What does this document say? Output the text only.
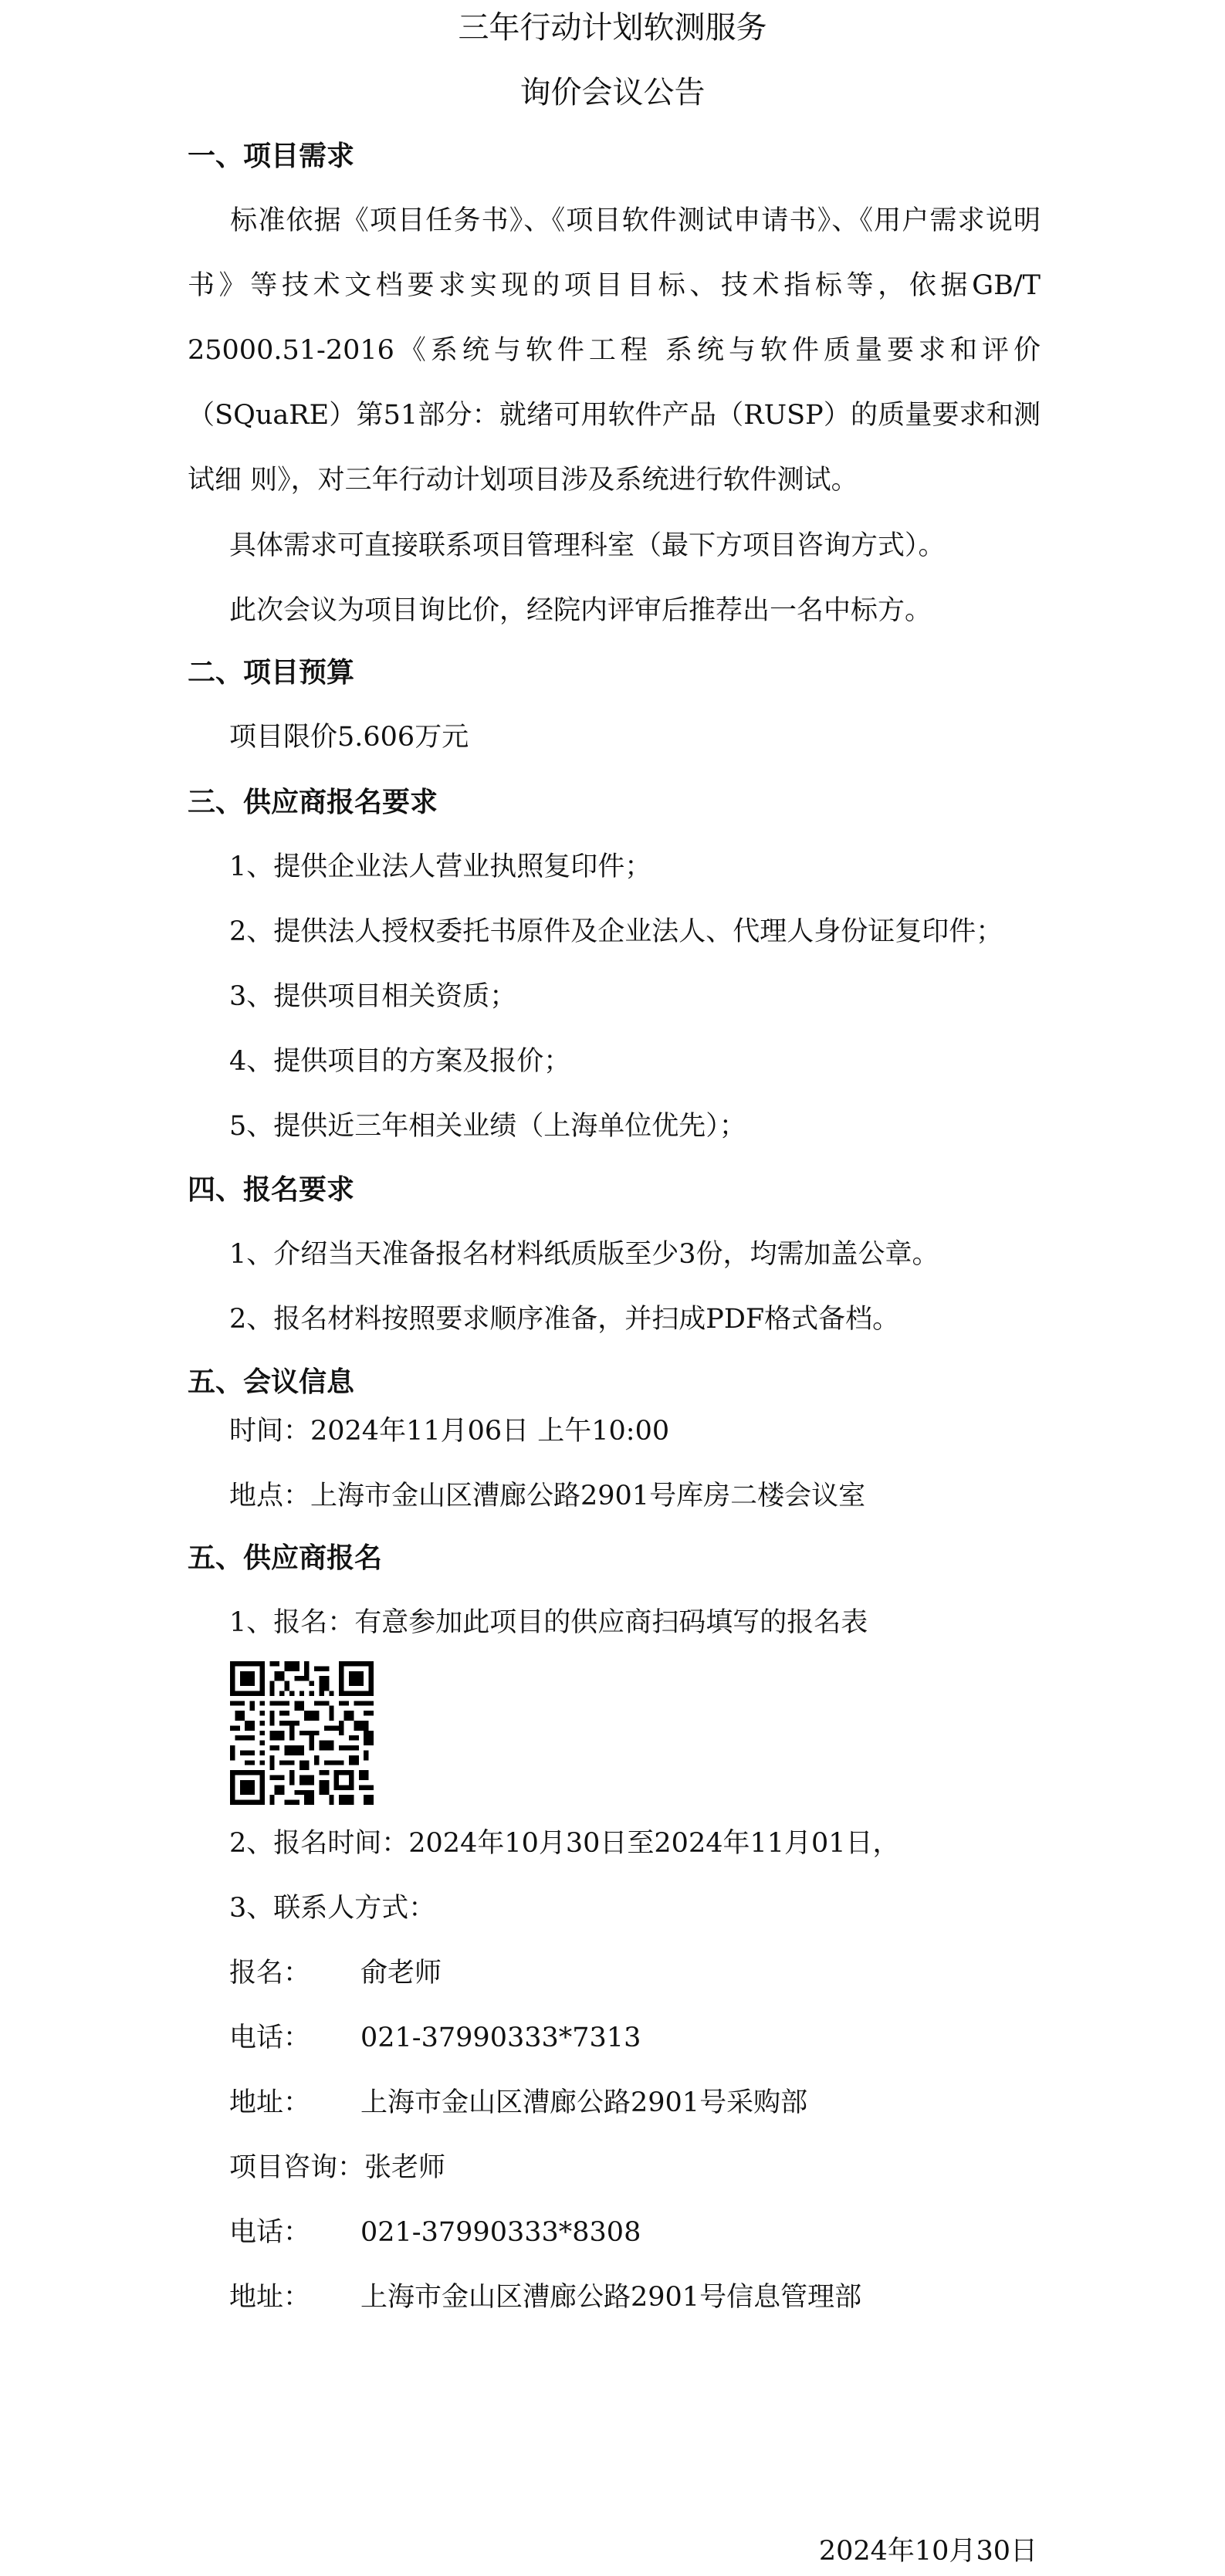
三年行动计划软测服务
询价会议公告
一、项目需求
标准依据《项目任务书》、《项目软件测试申请书》、《用户需求说明书》等技术文档要求实现的项目目标、技术指标等，依据GB/T 25000.51-2016《系统与软件工程 系统与软件质量要求和评价（SQuaRE）第51部分：就绪可用软件产品（RUSP）的质量要求和测试细 则》，对三年行动计划项目涉及系统进行软件测试。
具体需求可直接联系项目管理科室（最下方项目咨询方式）。
此次会议为项目询比价，经院内评审后推荐出一名中标方。
二、项目预算
项目限价5.606万元
三、供应商报名要求
1、提供企业法人营业执照复印件；
2、提供法人授权委托书原件及企业法人、代理人身份证复印件；
3、提供项目相关资质；
4、提供项目的方案及报价；
5、提供近三年相关业绩（上海单位优先）；
四、报名要求
1、介绍当天准备报名材料纸质版至少3份，均需加盖公章。
2、报名材料按照要求顺序准备，并扫成PDF格式备档。
五、会议信息
时间：2024年11月06日 上午10:00
地点：上海市金山区漕廊公路2901号库房二楼会议室
五、供应商报名
1、报名：有意参加此项目的供应商扫码填写的报名表
2、报名时间：2024年10月30日至2024年11月01日，
3、联系人方式：
报名： 俞老师
电话： 021-37990333*7313
地址： 上海市金山区漕廊公路2901号采购部
项目咨询：张老师
电话： 021-37990333*8308
地址： 上海市金山区漕廊公路2901号信息管理部
2024年10月30日
